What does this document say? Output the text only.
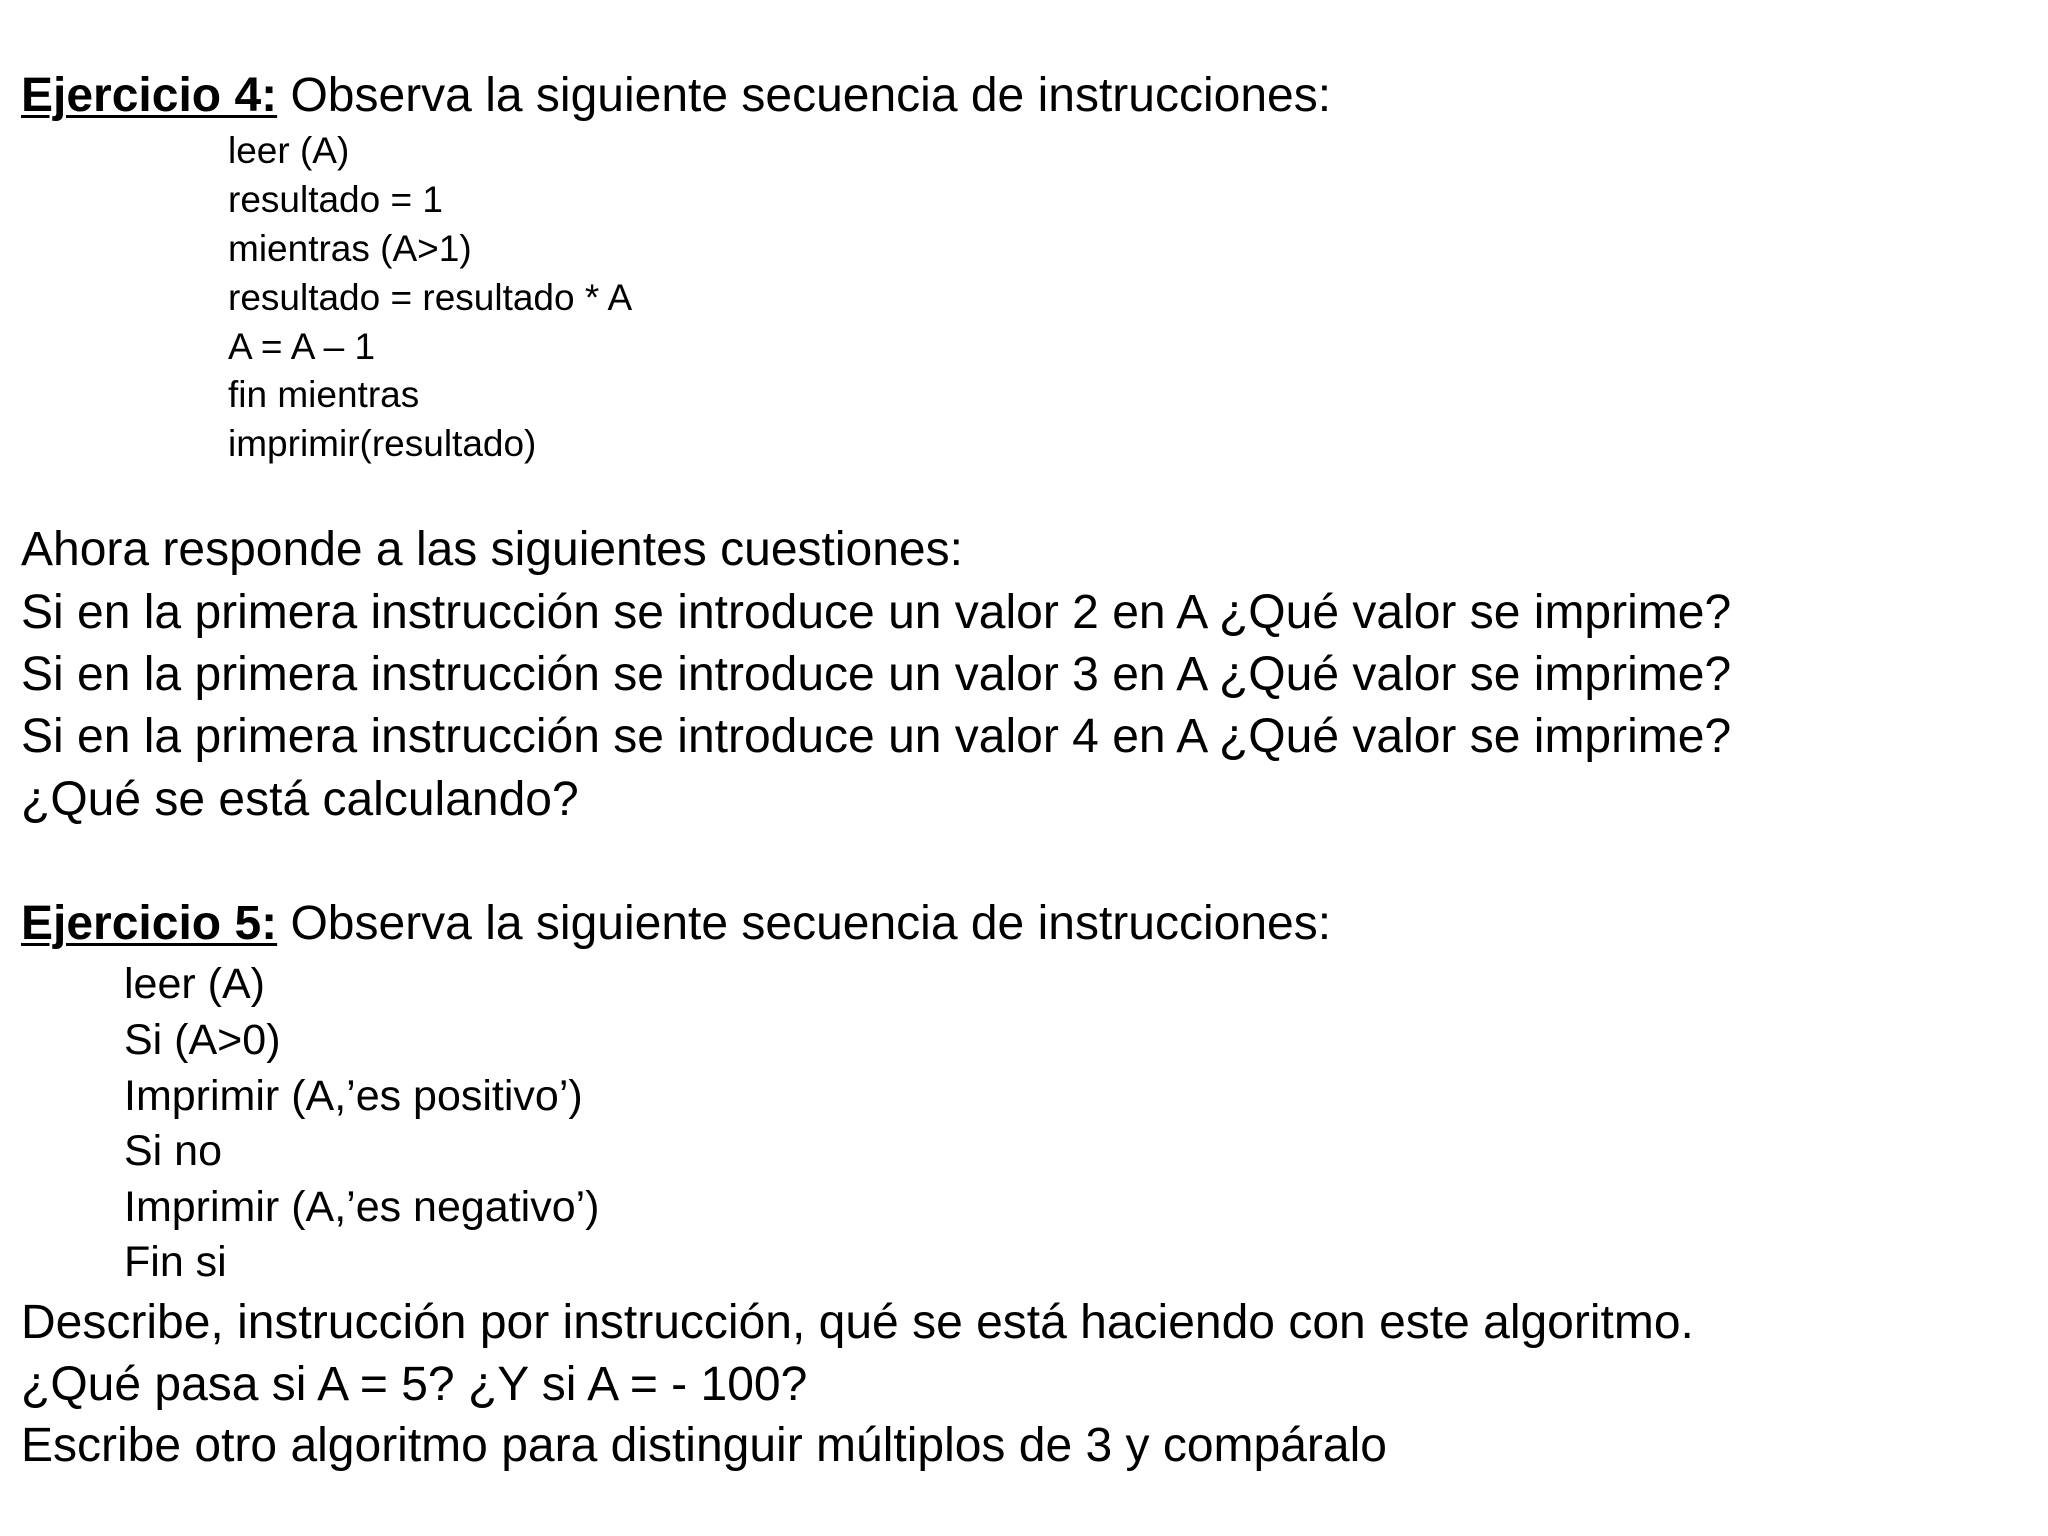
Ejercicio 4: Observa la siguiente secuencia de instrucciones:
leer (A)
resultado = 1
mientras (A>1)
resultado = resultado * A
A = A – 1
fin mientras
imprimir(resultado)
Ahora responde a las siguientes cuestiones:
Si en la primera instrucción se introduce un valor 2 en A ¿Qué valor se imprime?
Si en la primera instrucción se introduce un valor 3 en A ¿Qué valor se imprime?
Si en la primera instrucción se introduce un valor 4 en A ¿Qué valor se imprime?
¿Qué se está calculando?
Ejercicio 5: Observa la siguiente secuencia de instrucciones:
leer (A)
Si (A>0)
Imprimir (A,’es positivo’)
Si no
Imprimir (A,’es negativo’)
Fin si
Describe, instrucción por instrucción, qué se está haciendo con este algoritmo.
¿Qué pasa si A = 5? ¿Y si A = - 100?
Escribe otro algoritmo para distinguir múltiplos de 3 y compáralo
